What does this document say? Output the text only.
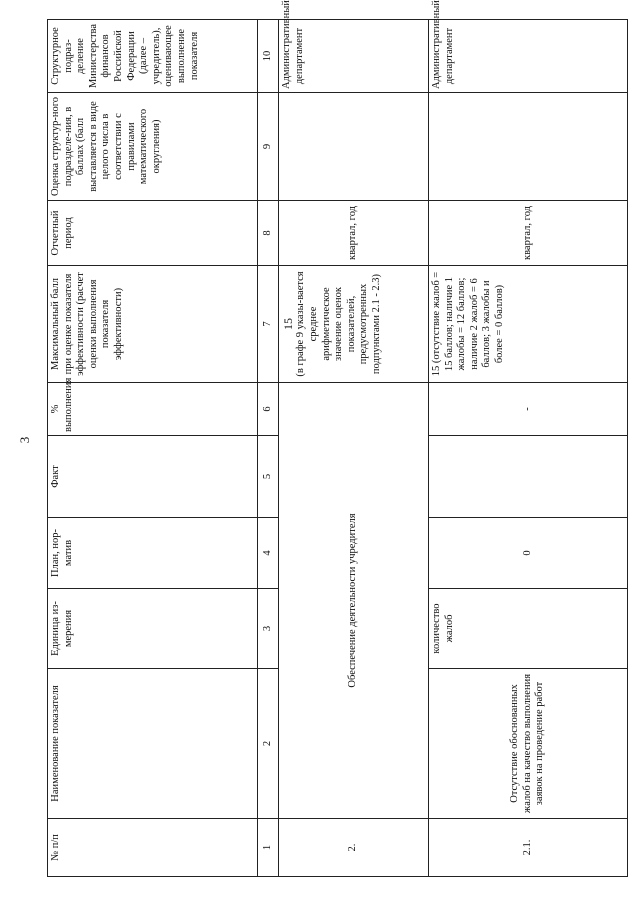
3
№ п/п	Наименование показателя	Единица из-мерения	План, нор-матив	Факт	% выполнения	Максимальный балл при оценке показателя эффективности (расчет оценки выполнения показателя эффективности)	Отчетный период	Оценка структур-ного подразделе-ния, в баллах (балл выставляется в виде целого числа в соответствии с правилами математического округления)	Структурное подраз-деление Министерства финансов Российской Федерации (далее – учредитель), оценивающее выполнение показателя
1	2	3	4	5	6	7	8	9	10
2.	Обеспечение деятельности учредителя					15 (в графе 9 указы-вается среднее арифметическое значение оценок показателей, предусмотренных подпунктами 2.1 - 2.3)	квартал, год		Административный департамент
2.1.	Отсутствие обоснованных жалоб на качество выполнения заявок на проведение работ	количество жалоб	0		-	15 (отсутствие жалоб = 15 баллов; наличие 1 жалобы = 12 баллов; наличие 2 жалоб = 6 баллов; 3 жалобы и более = 0 баллов)	квартал, год		Административный департамент
